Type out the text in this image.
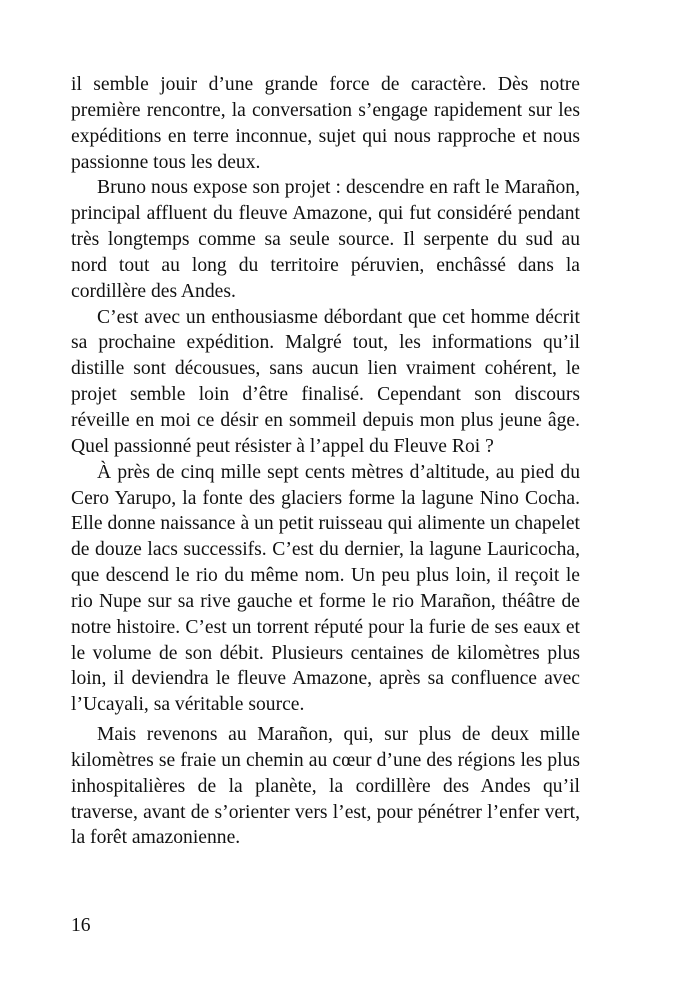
il semble jouir d’une grande force de caractère. Dès notre première rencontre, la conversation s’engage rapidement sur les expéditions en terre inconnue, sujet qui nous rapproche et nous passionne tous les deux.

Bruno nous expose son projet : descendre en raft le Marañon, principal affluent du fleuve Amazone, qui fut considéré pendant très longtemps comme sa seule source. Il serpente du sud au nord tout au long du territoire péruvien, enchâssé dans la cordillère des Andes.

C’est avec un enthousiasme débordant que cet homme décrit sa prochaine expédition. Malgré tout, les informations qu’il distille sont décousues, sans aucun lien vraiment cohérent, le projet semble loin d’être finalisé. Cependant son discours réveille en moi ce désir en sommeil depuis mon plus jeune âge. Quel passionné peut résister à l’appel du Fleuve Roi ?

À près de cinq mille sept cents mètres d’altitude, au pied du Cero Yarupo, la fonte des glaciers forme la lagune Nino Cocha. Elle donne naissance à un petit ruisseau qui alimente un chapelet de douze lacs successifs. C’est du dernier, la lagune Lauricocha, que descend le rio du même nom. Un peu plus loin, il reçoit le rio Nupe sur sa rive gauche et forme le rio Marañon, théâtre de notre histoire. C’est un torrent réputé pour la furie de ses eaux et le volume de son débit. Plusieurs centaines de kilomètres plus loin, il deviendra le fleuve Amazone, après sa confluence avec l’Ucayali, sa véritable source.

Mais revenons au Marañon, qui, sur plus de deux mille kilomètres se fraie un chemin au cœur d’une des régions les plus inhospitalières de la planète, la cordillère des Andes qu’il traverse, avant de s’orienter vers l’est, pour pénétrer l’enfer vert, la forêt amazonienne.

16
